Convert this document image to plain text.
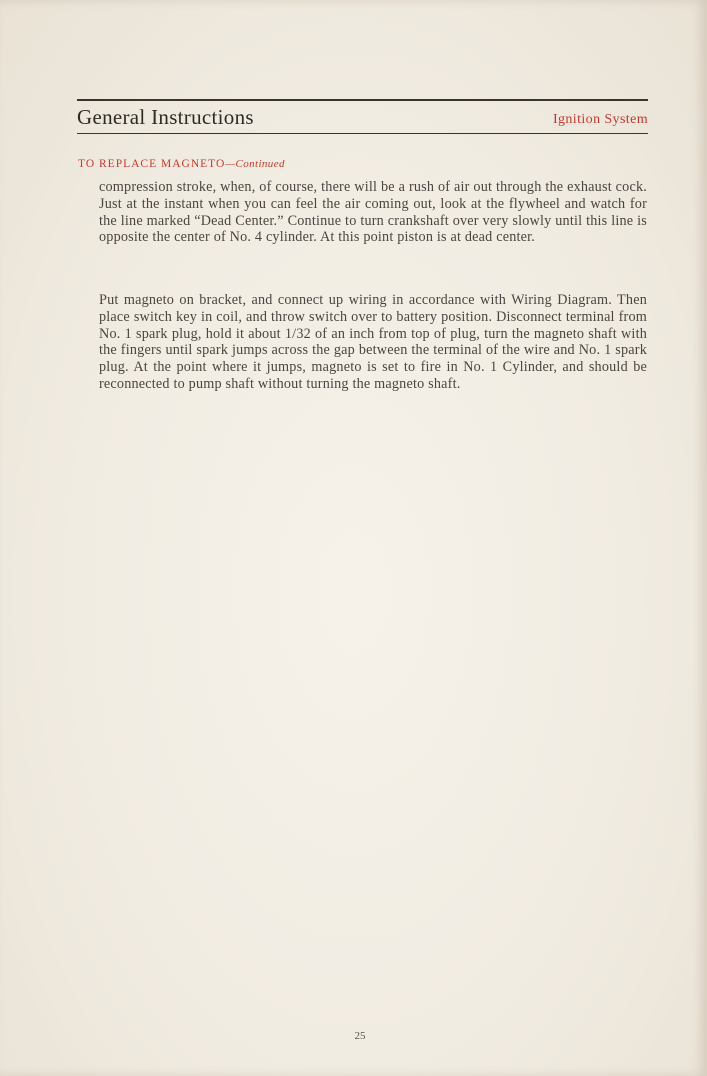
General Instructions	Ignition System
TO REPLACE MAGNETO—Continued
compression stroke, when, of course, there will be a rush of air out through the exhaust cock. Just at the instant when you can feel the air coming out, look at the flywheel and watch for the line marked “Dead Center.” Continue to turn crankshaft over very slowly until this line is opposite the center of No. 4 cylinder. At this point piston is at dead center.
Put magneto on bracket, and connect up wiring in accordance with Wiring Diagram. Then place switch key in coil, and throw switch over to battery position. Disconnect terminal from No. 1 spark plug, hold it about 1/32 of an inch from top of plug, turn the magneto shaft with the fingers until spark jumps across the gap between the terminal of the wire and No. 1 spark plug. At the point where it jumps, magneto is set to fire in No. 1 Cylinder, and should be reconnected to pump shaft without turning the magneto shaft.
25
